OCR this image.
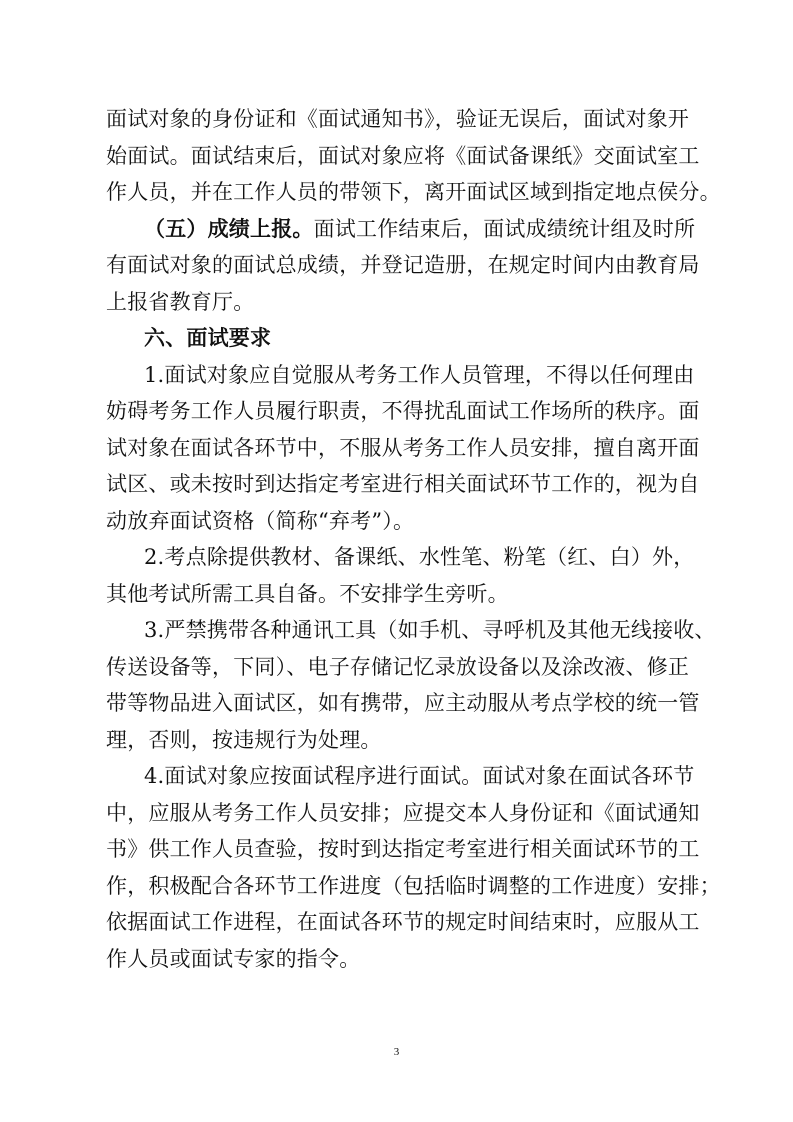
面试对象的身份证和《面试通知书》，验证无误后，面试对象开
始面试。面试结束后，面试对象应将《面试备课纸》交面试室工
作人员，并在工作人员的带领下，离开面试区域到指定地点侯分。
（五）成绩上报。面试工作结束后，面试成绩统计组及时所
有面试对象的面试总成绩，并登记造册，在规定时间内由教育局
上报省教育厅。
六、面试要求
1.面试对象应自觉服从考务工作人员管理，不得以任何理由
妨碍考务工作人员履行职责，不得扰乱面试工作场所的秩序。面
试对象在面试各环节中，不服从考务工作人员安排，擅自离开面
试区、或未按时到达指定考室进行相关面试环节工作的，视为自
动放弃面试资格（简称“弃考”）。
2.考点除提供教材、备课纸、水性笔、粉笔（红、白）外，
其他考试所需工具自备。不安排学生旁听。
3.严禁携带各种通讯工具（如手机、寻呼机及其他无线接收、
传送设备等，下同）、电子存储记忆录放设备以及涂改液、修正
带等物品进入面试区，如有携带，应主动服从考点学校的统一管
理，否则，按违规行为处理。
4.面试对象应按面试程序进行面试。面试对象在面试各环节
中，应服从考务工作人员安排；应提交本人身份证和《面试通知
书》供工作人员查验，按时到达指定考室进行相关面试环节的工
作，积极配合各环节工作进度（包括临时调整的工作进度）安排；
依据面试工作进程，在面试各环节的规定时间结束时，应服从工
作人员或面试专家的指令。
3
